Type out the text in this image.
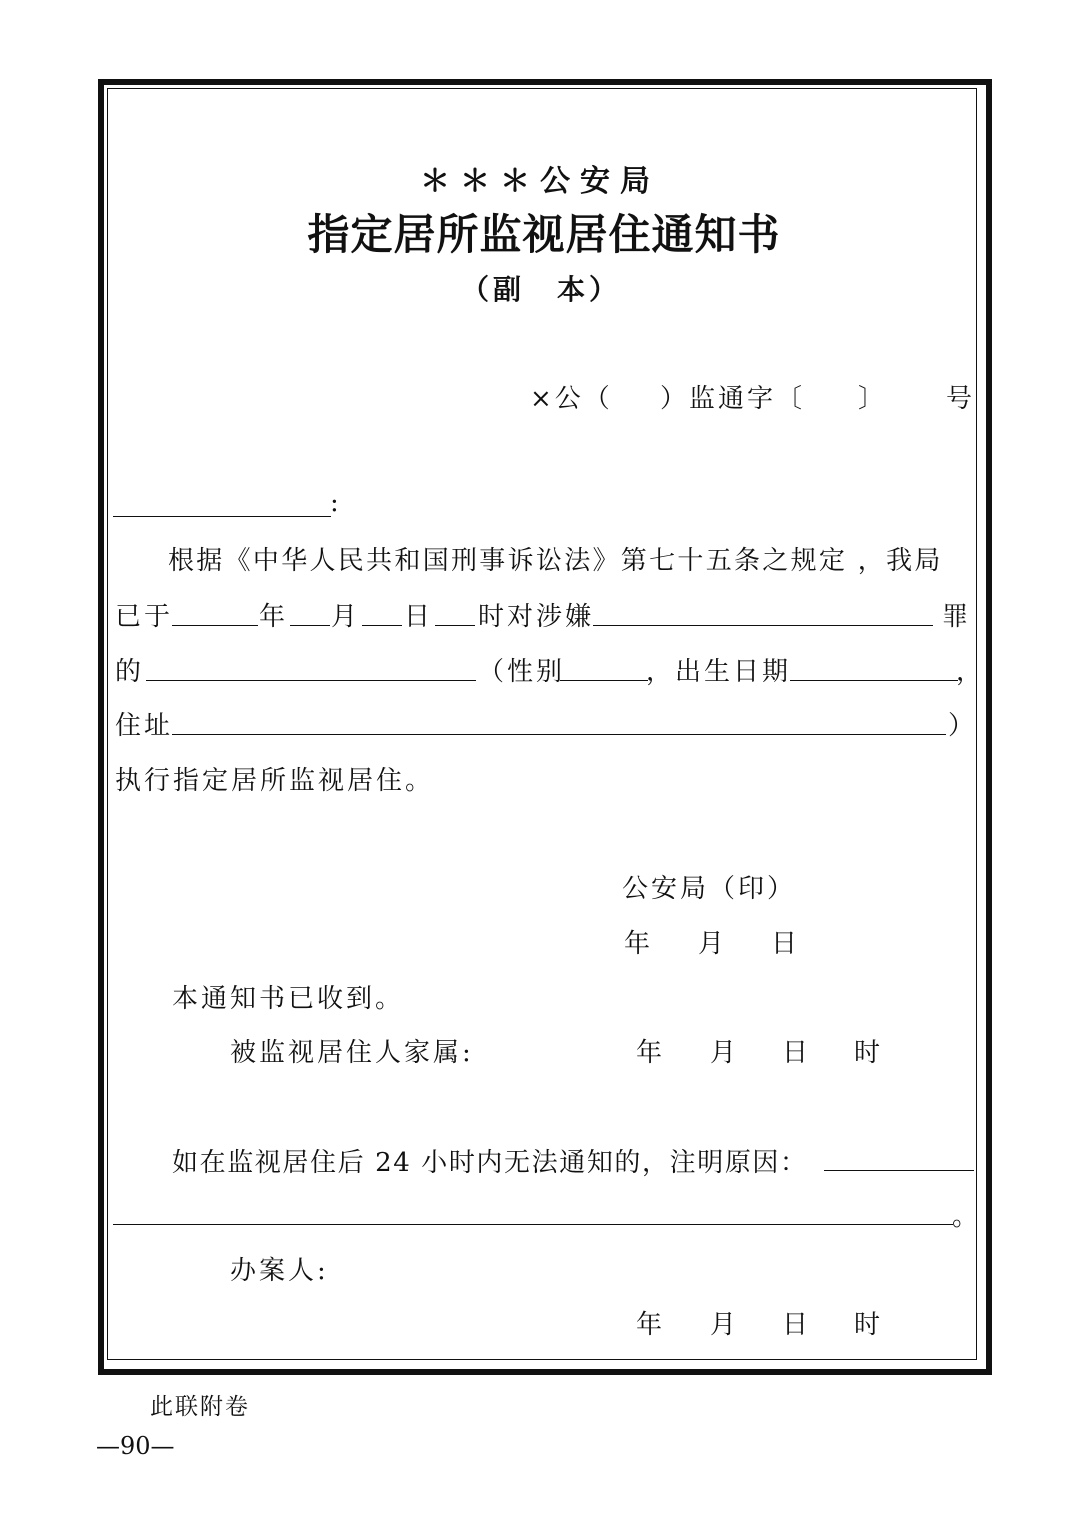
＊＊＊公安局
指定居所监视居住通知书
（副　本）
×公（ ）监通字〔 〕 号
:
根据《中华人民共和国刑事诉讼法》第七十五条之规定 ，我局
已于	年 月 日 时对涉嫌	罪
的	（性别	，出生日期	，
住址	）
执行指定居所监视居住。
公安局（印）
年 月 日
本通知书已收到。
被监视居住人家属:	年 月 日 时
如在监视居住后 24 小时内无法通知的，注明原因：
。
办案人:
年 月 日 时
此联附卷
—90—
